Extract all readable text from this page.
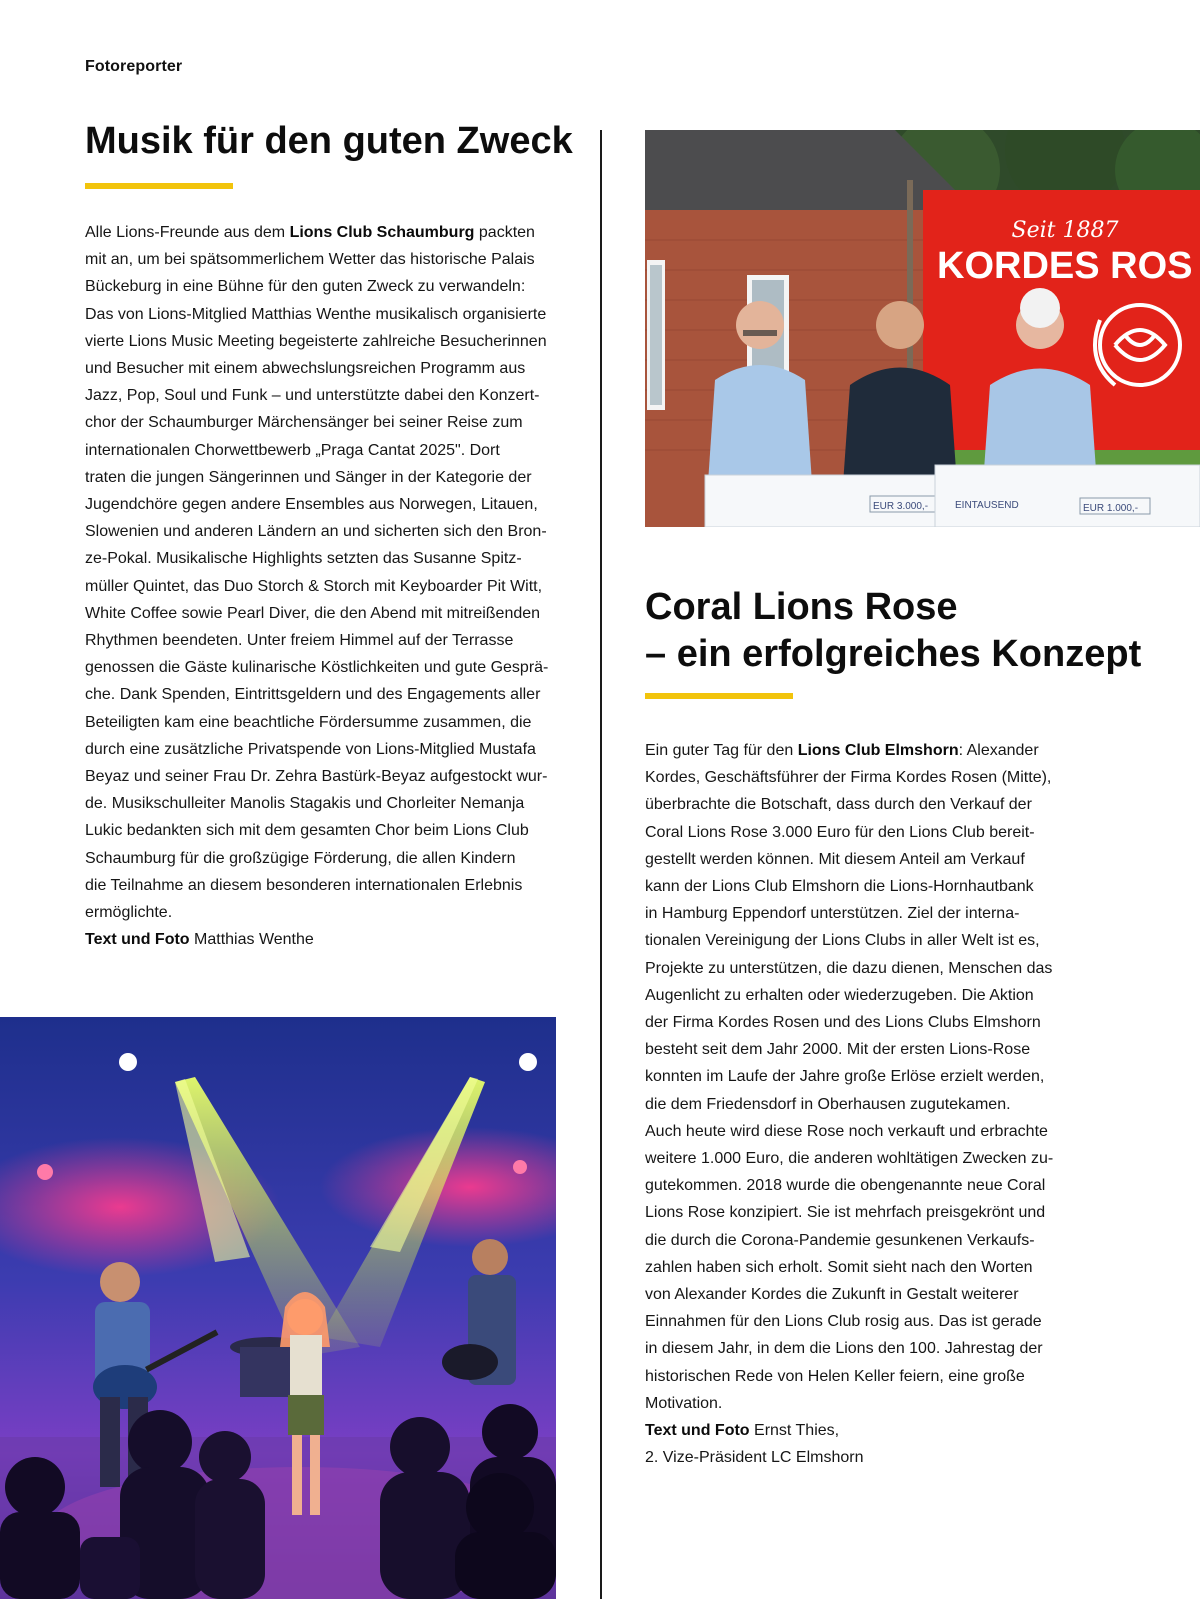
Fotoreporter
Musik für den guten Zweck

Alle Lions-Freunde aus dem Lions Club Schaumburg packten

mit an, um bei spätsommerlichem Wetter das historische Palais

Bückeburg in eine Bühne für den guten Zweck zu verwandeln:

Das von Lions-Mitglied Matthias Wenthe musikalisch organisierte

vierte Lions Music Meeting begeisterte zahlreiche Besucherinnen

und Besucher mit einem abwechslungsreichen Programm aus

Jazz, Pop, Soul und Funk – und unterstützte dabei den Konzert-

chor der Schaumburger Märchensänger bei seiner Reise zum

internationalen Chorwettbewerb „Praga Cantat 2025". Dort

traten die jungen Sängerinnen und Sänger in der Kategorie der

Jugendchöre gegen andere Ensembles aus Norwegen, Litauen,

Slowenien und anderen Ländern an und sicherten sich den Bron-

ze-Pokal. Musikalische Highlights setzten das Susanne Spitz-

müller Quintet, das Duo Storch & Storch mit Keyboarder Pit Witt,

White Coffee sowie Pearl Diver, die den Abend mit mitreißenden

Rhythmen beendeten. Unter freiem Himmel auf der Terrasse

genossen die Gäste kulinarische Köstlichkeiten und gute Gesprä-

che. Dank Spenden, Eintrittsgeldern und des Engagements aller

Beteiligten kam eine beachtliche Fördersumme zusammen, die

durch eine zusätzliche Privatspende von Lions-Mitglied Mustafa

Beyaz und seiner Frau Dr. Zehra Bastürk-Beyaz aufgestockt wur-

de. Musikschulleiter Manolis Stagakis und Chorleiter Nemanja

Lukic bedankten sich mit dem gesamten Chor beim Lions Club

Schaumburg für die großzügige Förderung, die allen Kindern

die Teilnahme an diesem besonderen internationalen Erlebnis

ermöglichte.

Text und Foto Matthias Wenthe

Seit 1887
KORDES ROS
EUR 3.000,-	EINTAUSEND	EUR 1.000,-
Coral Lions Rose
– ein erfolgreiches Konzept

Ein guter Tag für den Lions Club Elmshorn: Alexander

Kordes, Geschäftsführer der Firma Kordes Rosen (Mitte),

überbrachte die Botschaft, dass durch den Verkauf der

Coral Lions Rose 3.000 Euro für den Lions Club bereit-

gestellt werden können. Mit diesem Anteil am Verkauf

kann der Lions Club Elmshorn die Lions-Hornhautbank

in Hamburg Eppendorf unterstützen. Ziel der interna-

tionalen Vereinigung der Lions Clubs in aller Welt ist es,

Projekte zu unterstützen, die dazu dienen, Menschen das

Augenlicht zu erhalten oder wiederzugeben. Die Aktion

der Firma Kordes Rosen und des Lions Clubs Elmshorn

besteht seit dem Jahr 2000. Mit der ersten Lions-Rose

konnten im Laufe der Jahre große Erlöse erzielt werden,

die dem Friedensdorf in Oberhausen zugutekamen.

Auch heute wird diese Rose noch verkauft und erbrachte

weitere 1.000 Euro, die anderen wohltätigen Zwecken zu-

gutekommen. 2018 wurde die obengenannte neue Coral

Lions Rose konzipiert. Sie ist mehrfach preisgekrönt und

die durch die Corona-Pandemie gesunkenen Verkaufs-

zahlen haben sich erholt. Somit sieht nach den Worten

von Alexander Kordes die Zukunft in Gestalt weiterer

Einnahmen für den Lions Club rosig aus. Das ist gerade

in diesem Jahr, in dem die Lions den 100. Jahrestag der

historischen Rede von Helen Keller feiern, eine große

Motivation.

Text und Foto Ernst Thies,

2. Vize-Präsident LC Elmshorn
